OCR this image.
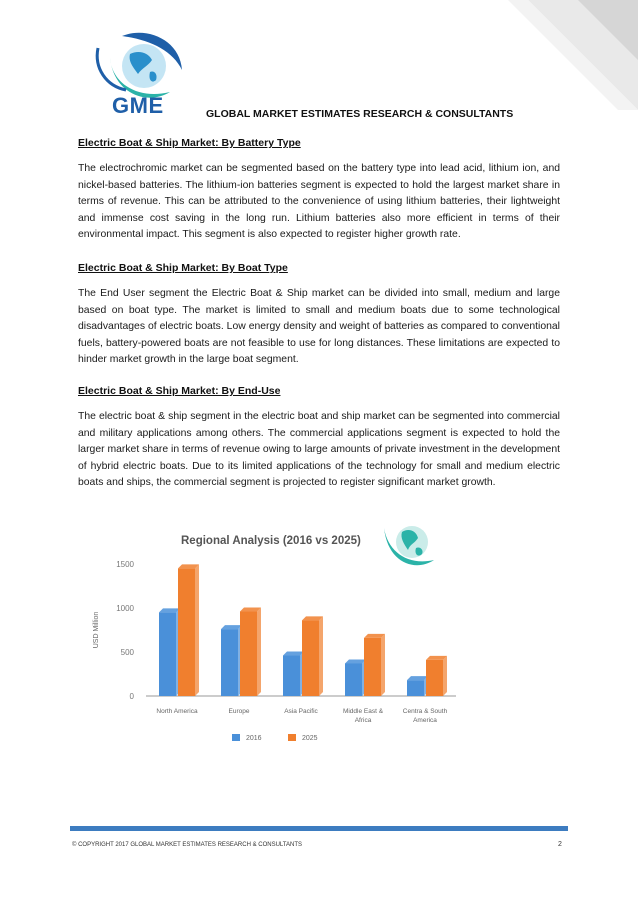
GME	GLOBAL MARKET ESTIMATES RESEARCH & CONSULTANTS
Electric Boat & Ship Market: By Battery Type
The electrochromic market can be segmented based on the battery type into lead acid, lithium ion, and nickel-based batteries. The lithium-ion batteries segment is expected to hold the largest market share in terms of revenue. This can be attributed to the convenience of using lithium batteries, their lightweight and immense cost saving in the long run. Lithium batteries also more efficient in terms of their environmental impact. This segment is also expected to register higher growth rate.
Electric Boat & Ship Market: By Boat Type
The End User segment the Electric Boat & Ship market can be divided into small, medium and large based on boat type. The market is limited to small and medium boats due to some technological disadvantages of electric boats. Low energy density and weight of batteries as compared to conventional fuels, battery-powered boats are not feasible to use for long distances. These limitations are expected to hinder market growth in the large boat segment.
Electric Boat & Ship Market: By End-Use
The electric boat & ship segment in the electric boat and ship market can be segmented into commercial and military applications among others. The commercial applications segment is expected to hold the larger market share in terms of revenue owing to large amounts of private investment in the development of hybrid electric boats. Due to its limited applications of the technology for small and medium electric boats and ships, the commercial segment is projected to register significant market growth.
Regional Analysis (2016 vs 2025)
USD Million
0
500
1000
1500
North America	Europe	Asia Pacific	Middle East &
Africa
Centra & South
America
2016	2025
© COPYRIGHT 2017 GLOBAL MARKET ESTIMATES RESEARCH & CONSULTANTS	2
